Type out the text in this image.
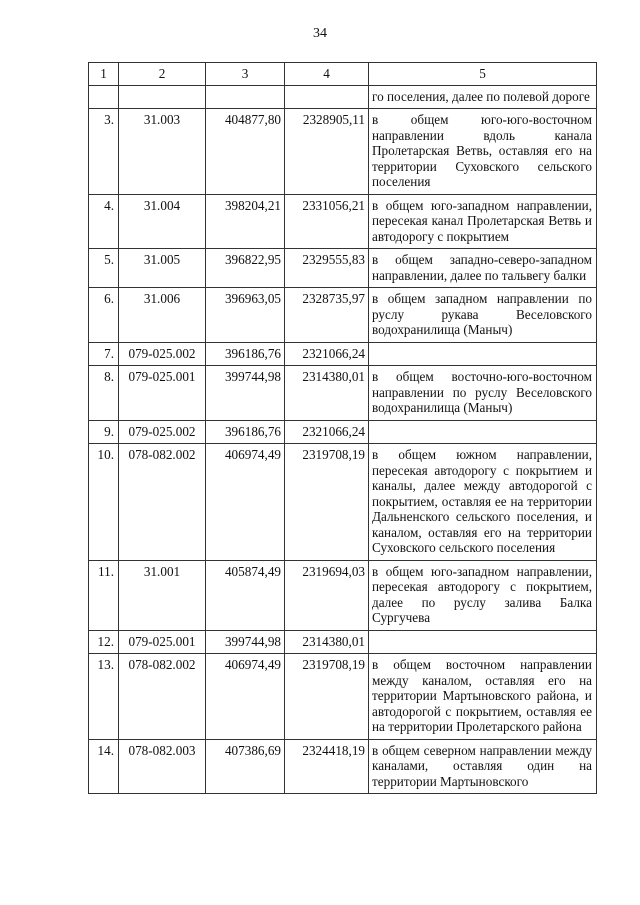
34
1	2	3	4	5
				го поселения, далее по полевой дороге
3.	31.003	404877,80	2328905,11	в общем юго-юго-восточном направлении вдоль канала Пролетарская Ветвь, оставляя его на территории Суховского сельского поселения
4.	31.004	398204,21	2331056,21	в общем юго-западном направлении, пересекая канал Пролетарская Ветвь и автодорогу с покрытием
5.	31.005	396822,95	2329555,83	в общем западно-северо-западном направлении, далее по тальвегу балки
6.	31.006	396963,05	2328735,97	в общем западном направлении по руслу рукава Веселовского водохранилища (Маныч)
7.	079-025.002	396186,76	2321066,24	
8.	079-025.001	399744,98	2314380,01	в общем восточно-юго-восточном направлении по руслу Веселовского водохранилища (Маныч)
9.	079-025.002	396186,76	2321066,24	
10.	078-082.002	406974,49	2319708,19	в общем южном направлении, пересекая автодорогу с покрытием и каналы, далее между автодорогой с покрытием, оставляя ее на территории Дальненского сельского поселения, и каналом, оставляя его на территории Суховского сельского поселения
11.	31.001	405874,49	2319694,03	в общем юго-западном направлении, пересекая автодорогу с покрытием, далее по руслу залива Балка Сургучева
12.	079-025.001	399744,98	2314380,01	
13.	078-082.002	406974,49	2319708,19	в общем восточном направлении между каналом, оставляя его на территории Мартыновского района, и автодорогой с покрытием, оставляя ее на территории Пролетарского района
14.	078-082.003	407386,69	2324418,19	в общем северном направлении между каналами, оставляя один на территории Мартыновского
